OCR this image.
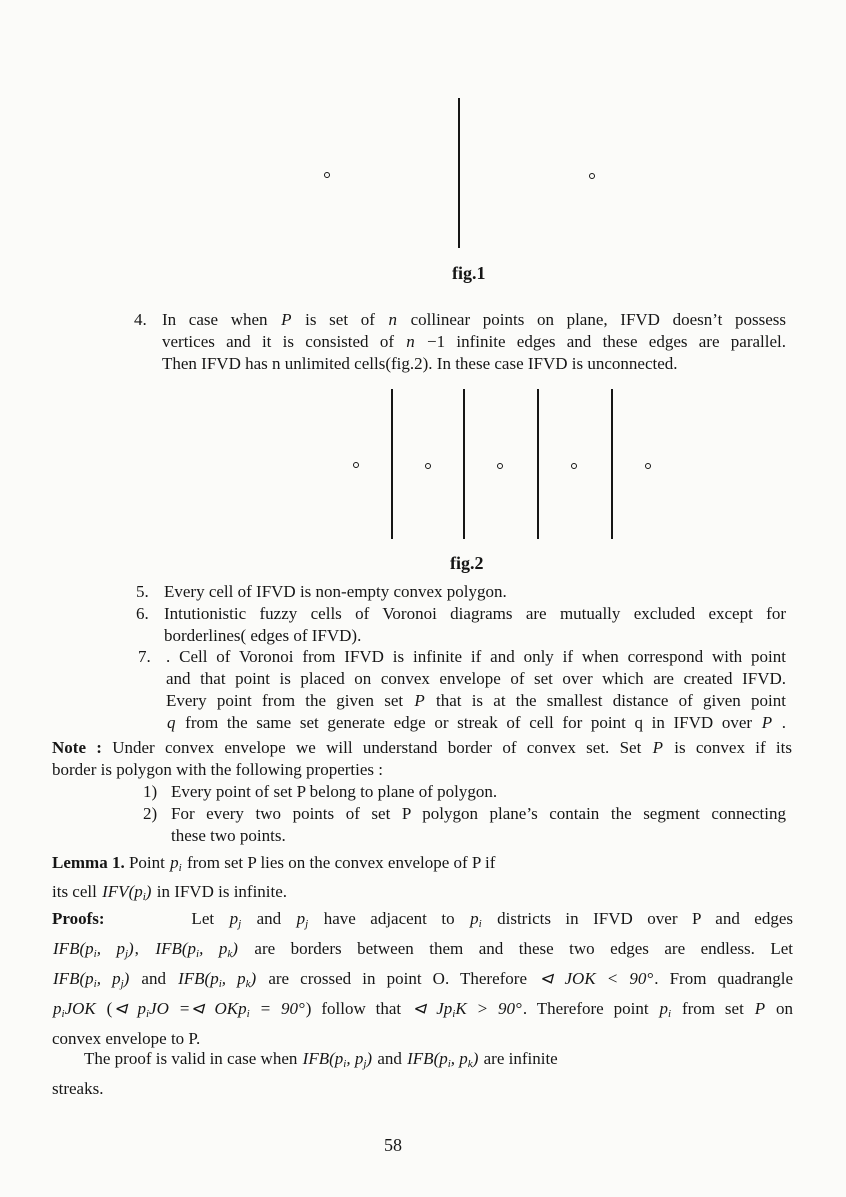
fig.1
fig.2
4. In case when P is set of n collinear points on plane, IFVD doesn’t possess
vertices and it is consisted of n −1 infinite edges and these edges are parallel.
Then IFVD has n unlimited cells(fig.2). In these case IFVD is unconnected.
5. Every cell of IFVD is non-empty convex polygon.
6. Intutionistic fuzzy cells of Voronoi diagrams are mutually excluded except for
borderlines( edges of IFVD).
7. . Cell of Voronoi from IFVD is infinite if and only if when correspond with point
and that point is placed on convex envelope of set over which are created IFVD.
Every point from the given set P that is at the smallest distance of given point
q from the same set generate edge or streak of cell for point q in IFVD over P .
Note : Under convex envelope we will understand border of convex set. Set P is convex if its
border is polygon with the following properties :
1) Every point of set P belong to plane of polygon.
2) For every two points of set P polygon plane’s contain the segment connecting
these two points.
Lemma 1. Point $p_i$ from set P lies on the convex envelope of P if
its cell $IFV(p_i)$ in IFVD is infinite.
Proofs:      Let $p_j$ and $p_j$ have adjacent to $p_i$ districts in IFVD over P and edges
$IFB(p_i$, $p_j$), $IFB(p_i$, $p_k$) are borders between them and these two edges are endless. Let
$IFB(p_i$, $p_j$) and $IFB(p_i$, $p_k$) are crossed in point O. Therefore ⊲ JOK < 90°. From quadrangle
$p_iJOK$ (⊲ $p_iJO$ =⊲ OKp$_i$ = 90°) follow that ⊲ $Jp_iK > 90^\circ$. Therefore point $p_i$ from set P on
convex envelope to P.
The proof is valid in case when $IFB(p_i$, $p_j$) and $IFB(p_i$, $p_k$) are infinite
streaks.
58
